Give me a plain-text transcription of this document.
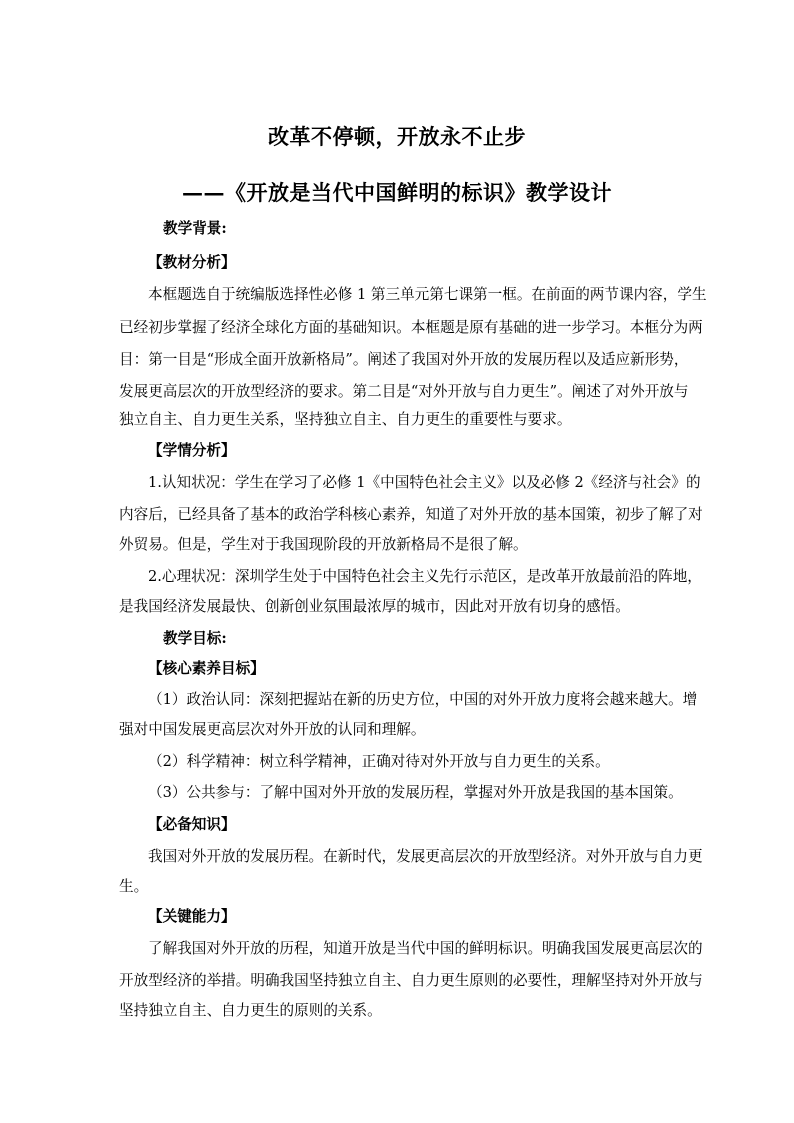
改革不停顿，开放永不止步
——《开放是当代中国鲜明的标识》教学设计
教学背景:
【教材分析】
本框题选自于统编版选择性必修 1 第三单元第七课第一框。在前面的两节课内容，学生
已经初步掌握了经济全球化方面的基础知识。本框题是原有基础的进一步学习。本框分为两
目：第一目是“形成全面开放新格局”。阐述了我国对外开放的发展历程以及适应新形势，
发展更高层次的开放型经济的要求。第二目是“对外开放与自力更生”。阐述了对外开放与
独立自主、自力更生关系，坚持独立自主、自力更生的重要性与要求。
【学情分析】
1.认知状况：学生在学习了必修 1《中国特色社会主义》以及必修 2《经济与社会》的
内容后，已经具备了基本的政治学科核心素养，知道了对外开放的基本国策，初步了解了对
外贸易。但是，学生对于我国现阶段的开放新格局不是很了解。
2.心理状况：深圳学生处于中国特色社会主义先行示范区，是改革开放最前沿的阵地，
是我国经济发展最快、创新创业氛围最浓厚的城市，因此对开放有切身的感悟。
教学目标:
【核心素养目标】
（1）政治认同：深刻把握站在新的历史方位，中国的对外开放力度将会越来越大。增
强对中国发展更高层次对外开放的认同和理解。
（2）科学精神：树立科学精神，正确对待对外开放与自力更生的关系。
（3）公共参与：了解中国对外开放的发展历程，掌握对外开放是我国的基本国策。
【必备知识】
我国对外开放的发展历程。在新时代，发展更高层次的开放型经济。对外开放与自力更
生。
【关键能力】
了解我国对外开放的历程，知道开放是当代中国的鲜明标识。明确我国发展更高层次的
开放型经济的举措。明确我国坚持独立自主、自力更生原则的必要性，理解坚持对外开放与
坚持独立自主、自力更生的原则的关系。
